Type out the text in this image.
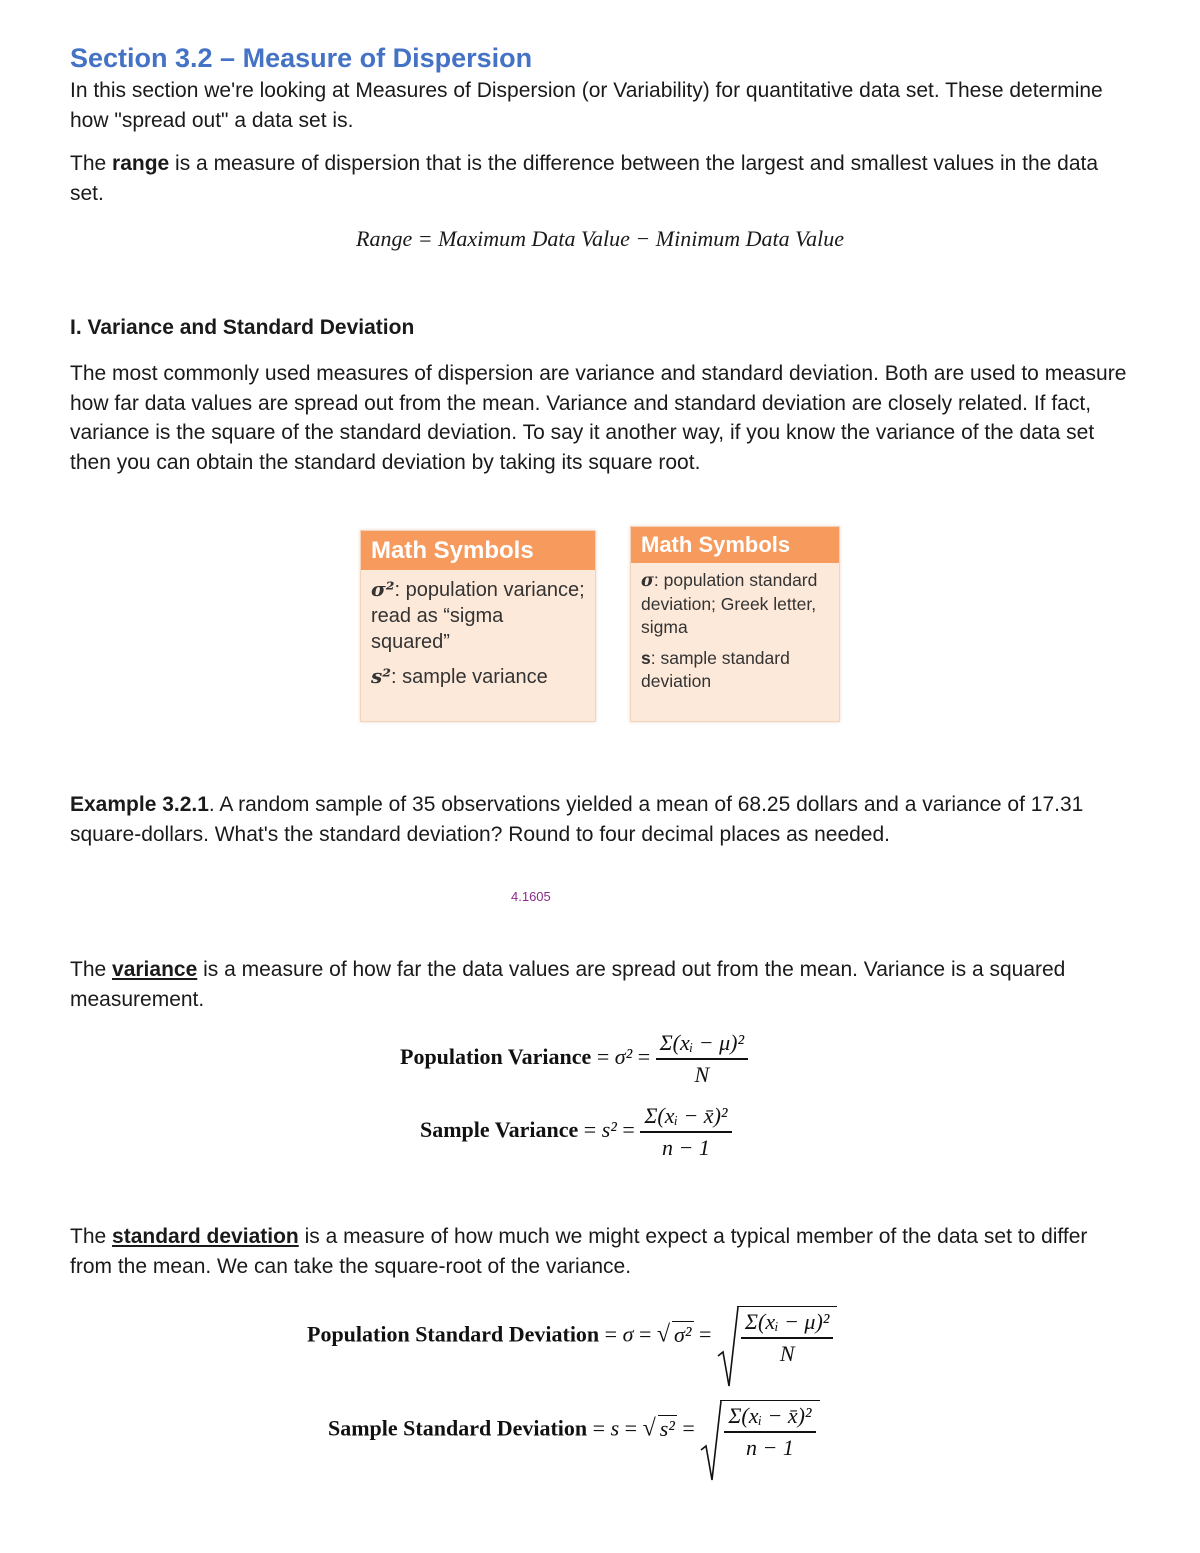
Section 3.2 – Measure of Dispersion

In this section we're looking at Measures of Dispersion (or Variability) for quantitative data set. These determine how "spread out" a data set is.

The range is a measure of dispersion that is the difference between the largest and smallest values in the data set.

Range = Maximum Data Value − Minimum Data Value
I. Variance and Standard Deviation

The most commonly used measures of dispersion are variance and standard deviation. Both are used to measure how far data values are spread out from the mean. Variance and standard deviation are closely related. If fact, variance is the square of the standard deviation. To say it another way, if you know the variance of the data set then you can obtain the standard deviation by taking its square root.

Math Symbols
σ²: population variance; read as “sigma squared”
s²: sample variance
Math Symbols
σ: population standard deviation; Greek letter, sigma
s: sample standard deviation

Example 3.2.1. A random sample of 35 observations yielded a mean of 68.25 dollars and a variance of 17.31 square-dollars. What's the standard deviation? Round to four decimal places as needed.

4.1605

The variance is a measure of how far the data values are spread out from the mean. Variance is a squared measurement.

Population Variance = $\sigma^2 = \frac{\text{Σ(xᵢ − μ)²}}{N}$
Sample Variance = $s^2 = \frac{\text{Σ(xᵢ − x̄)²}}{n - 1}$

The standard deviation is a measure of how much we might expect a typical member of the data set to differ from the mean. We can take the square-root of the variance.

Population Standard Deviation = σ = √ $\sigma^2 = \frac{\text{Σ(xᵢ − μ)²}}{N}$
Sample Standard Deviation = s = √ $s^2 = \frac{\text{Σ(xᵢ − x̄)²}}{n - 1}$
